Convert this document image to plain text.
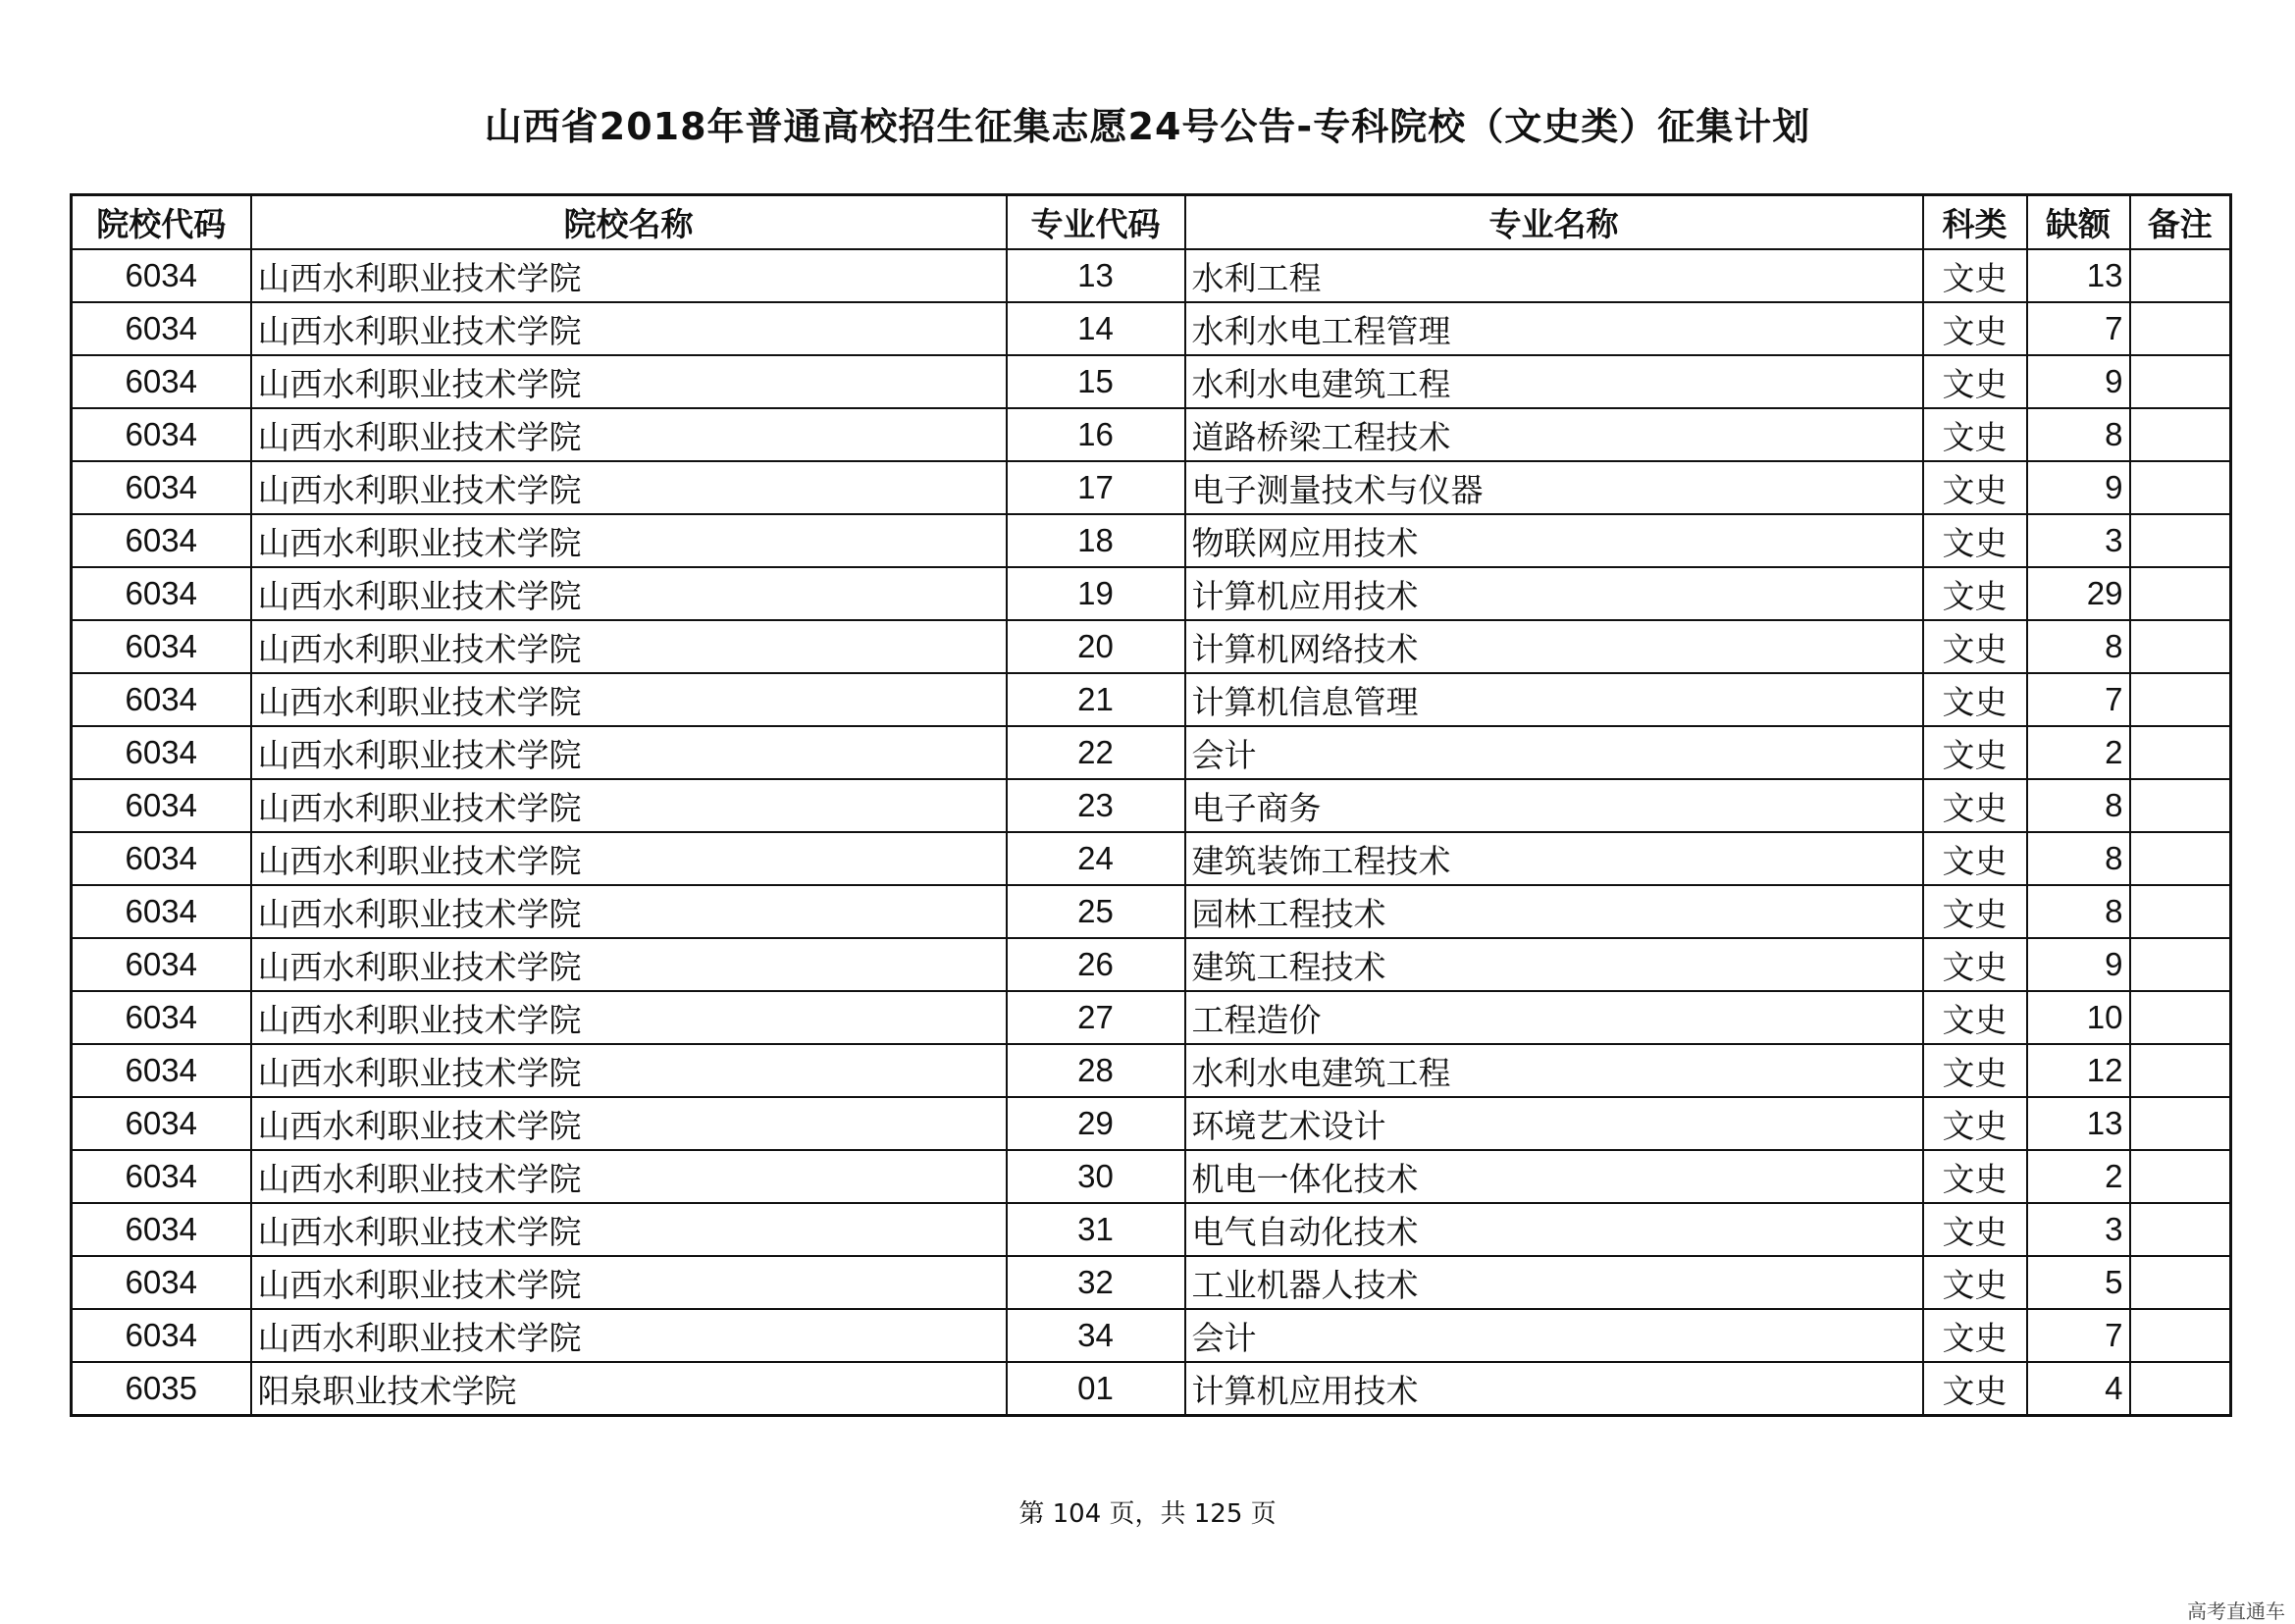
山西省2018年普通高校招生征集志愿24号公告-专科院校（文史类）征集计划
院校代码	院校名称	专业代码	专业名称	科类	缺额	备注
6034	山西水利职业技术学院	13	水利工程	文史	13	
6034	山西水利职业技术学院	14	水利水电工程管理	文史	7	
6034	山西水利职业技术学院	15	水利水电建筑工程	文史	9	
6034	山西水利职业技术学院	16	道路桥梁工程技术	文史	8	
6034	山西水利职业技术学院	17	电子测量技术与仪器	文史	9	
6034	山西水利职业技术学院	18	物联网应用技术	文史	3	
6034	山西水利职业技术学院	19	计算机应用技术	文史	29	
6034	山西水利职业技术学院	20	计算机网络技术	文史	8	
6034	山西水利职业技术学院	21	计算机信息管理	文史	7	
6034	山西水利职业技术学院	22	会计	文史	2	
6034	山西水利职业技术学院	23	电子商务	文史	8	
6034	山西水利职业技术学院	24	建筑装饰工程技术	文史	8	
6034	山西水利职业技术学院	25	园林工程技术	文史	8	
6034	山西水利职业技术学院	26	建筑工程技术	文史	9	
6034	山西水利职业技术学院	27	工程造价	文史	10	
6034	山西水利职业技术学院	28	水利水电建筑工程	文史	12	
6034	山西水利职业技术学院	29	环境艺术设计	文史	13	
6034	山西水利职业技术学院	30	机电一体化技术	文史	2	
6034	山西水利职业技术学院	31	电气自动化技术	文史	3	
6034	山西水利职业技术学院	32	工业机器人技术	文史	5	
6034	山西水利职业技术学院	34	会计	文史	7	
6035	阳泉职业技术学院	01	计算机应用技术	文史	4	
第 104 页，共 125 页
高考直通车
